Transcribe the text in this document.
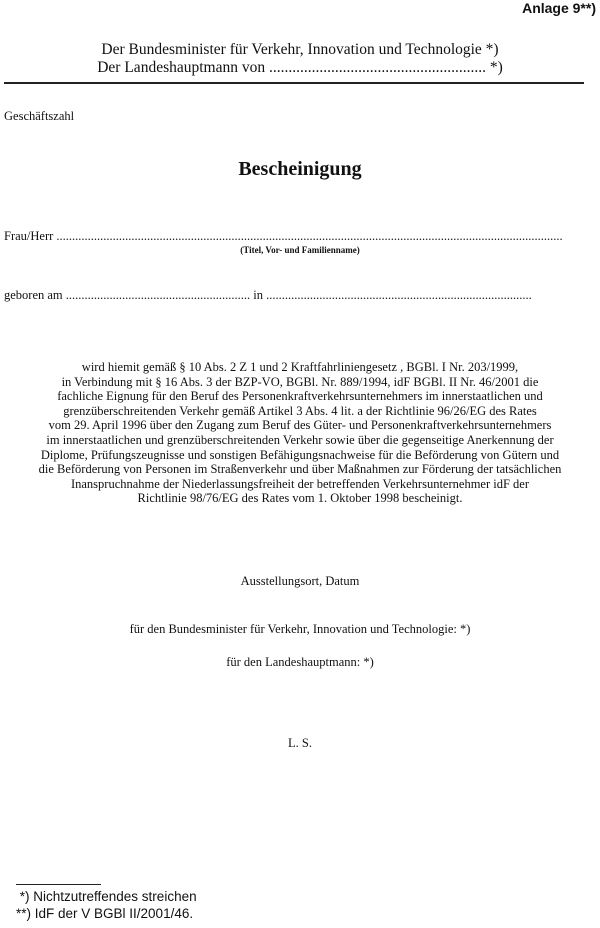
Anlage 9**)
Der Bundesminister für Verkehr, Innovation und Technologie *)
Der Landeshauptmann von ........................................................ *)
Geschäftszahl
Bescheinigung
Frau/Herr ..................................................................................................................................................................
(Titel, Vor- und Familienname)
geboren am ........................................................... in .....................................................................................
wird hiemit gemäß § 10 Abs. 2 Z 1 und 2 Kraftfahrliniengesetz , BGBl. I Nr. 203/1999,
in Verbindung mit § 16 Abs. 3 der BZP-VO, BGBl. Nr. 889/1994, idF BGBl. II Nr. 46/2001 die
fachliche Eignung für den Beruf des Personenkraftverkehrsunternehmers im innerstaatlichen und
grenzüberschreitenden Verkehr gemäß Artikel 3 Abs. 4 lit. a der Richtlinie 96/26/EG des Rates
vom 29. April 1996 über den Zugang zum Beruf des Güter- und Personenkraftverkehrsunternehmers
im innerstaatlichen und grenzüberschreitenden Verkehr sowie über die gegenseitige Anerkennung der
Diplome, Prüfungszeugnisse und sonstigen Befähigungsnachweise für die Beförderung von Gütern und
die Beförderung von Personen im Straßenverkehr und über Maßnahmen zur Förderung der tatsächlichen
Inanspruchnahme der Niederlassungsfreiheit der betreffenden Verkehrsunternehmer idF der
Richtlinie 98/76/EG des Rates vom 1. Oktober 1998 bescheinigt.
Ausstellungsort, Datum
für den Bundesminister für Verkehr, Innovation und Technologie: *)
für den Landeshauptmann: *)
L. S.
*) Nichtzutreffendes streichen
**) IdF der V BGBl II/2001/46.
